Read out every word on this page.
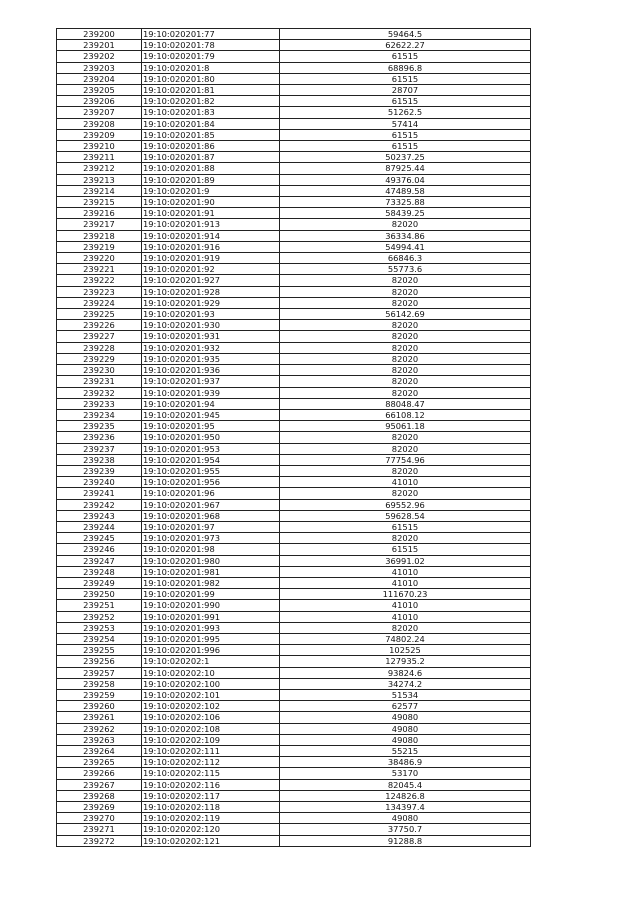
239200	19:10:020201:77	59464.5
239201	19:10:020201:78	62622.27
239202	19:10:020201:79	61515
239203	19:10:020201:8	68896.8
239204	19:10:020201:80	61515
239205	19:10:020201:81	28707
239206	19:10:020201:82	61515
239207	19:10:020201:83	51262.5
239208	19:10:020201:84	57414
239209	19:10:020201:85	61515
239210	19:10:020201:86	61515
239211	19:10:020201:87	50237.25
239212	19:10:020201:88	87925.44
239213	19:10:020201:89	49376.04
239214	19:10:020201:9	47489.58
239215	19:10:020201:90	73325.88
239216	19:10:020201:91	58439.25
239217	19:10:020201:913	82020
239218	19:10:020201:914	36334.86
239219	19:10:020201:916	54994.41
239220	19:10:020201:919	66846.3
239221	19:10:020201:92	55773.6
239222	19:10:020201:927	82020
239223	19:10:020201:928	82020
239224	19:10:020201:929	82020
239225	19:10:020201:93	56142.69
239226	19:10:020201:930	82020
239227	19:10:020201:931	82020
239228	19:10:020201:932	82020
239229	19:10:020201:935	82020
239230	19:10:020201:936	82020
239231	19:10:020201:937	82020
239232	19:10:020201:939	82020
239233	19:10:020201:94	88048.47
239234	19:10:020201:945	66108.12
239235	19:10:020201:95	95061.18
239236	19:10:020201:950	82020
239237	19:10:020201:953	82020
239238	19:10:020201:954	77754.96
239239	19:10:020201:955	82020
239240	19:10:020201:956	41010
239241	19:10:020201:96	82020
239242	19:10:020201:967	69552.96
239243	19:10:020201:968	59628.54
239244	19:10:020201:97	61515
239245	19:10:020201:973	82020
239246	19:10:020201:98	61515
239247	19:10:020201:980	36991.02
239248	19:10:020201:981	41010
239249	19:10:020201:982	41010
239250	19:10:020201:99	111670.23
239251	19:10:020201:990	41010
239252	19:10:020201:991	41010
239253	19:10:020201:993	82020
239254	19:10:020201:995	74802.24
239255	19:10:020201:996	102525
239256	19:10:020202:1	127935.2
239257	19:10:020202:10	93824.6
239258	19:10:020202:100	34274.2
239259	19:10:020202:101	51534
239260	19:10:020202:102	62577
239261	19:10:020202:106	49080
239262	19:10:020202:108	49080
239263	19:10:020202:109	49080
239264	19:10:020202:111	55215
239265	19:10:020202:112	38486.9
239266	19:10:020202:115	53170
239267	19:10:020202:116	82045.4
239268	19:10:020202:117	124826.8
239269	19:10:020202:118	134397.4
239270	19:10:020202:119	49080
239271	19:10:020202:120	37750.7
239272	19:10:020202:121	91288.8
